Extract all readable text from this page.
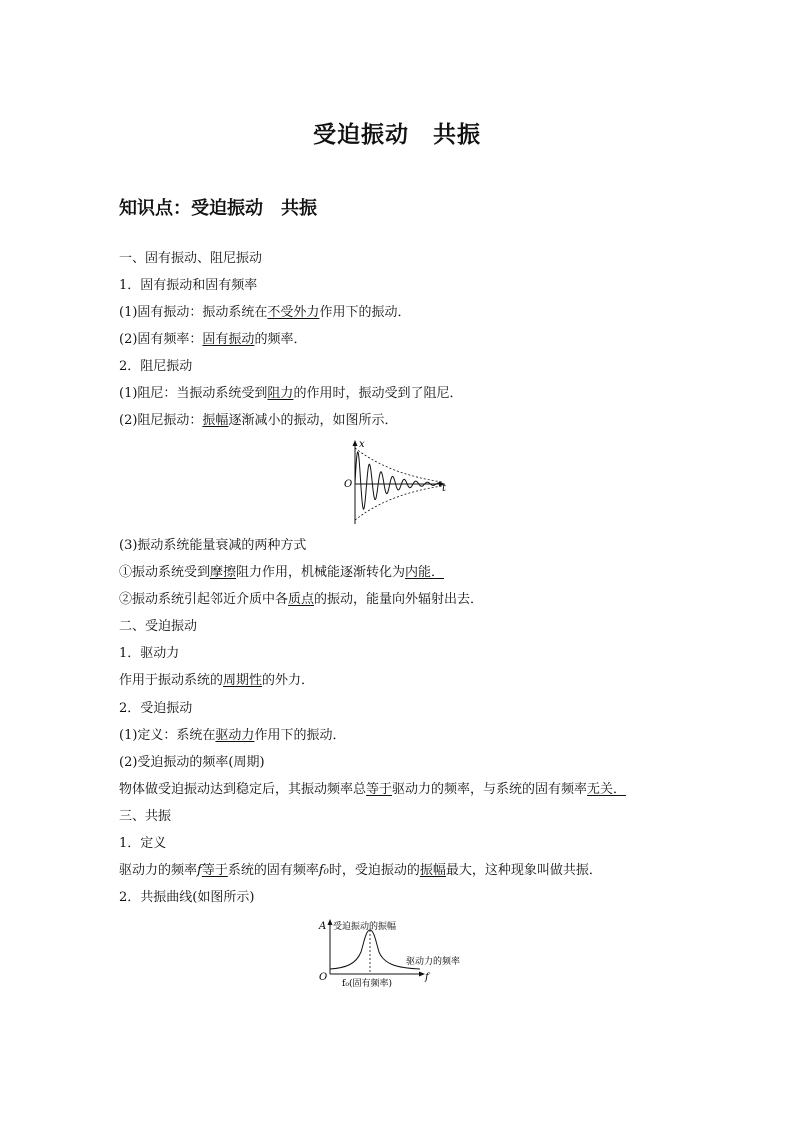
受迫振动　共振
知识点：受迫振动　共振
一、固有振动、阻尼振动
1．固有振动和固有频率
(1)固有振动：振动系统在不受外力作用下的振动．
(2)固有频率：固有振动的频率．
2．阻尼振动
(1)阻尼：当振动系统受到阻力的作用时，振动受到了阻尼．
(2)阻尼振动：振幅逐渐减小的振动，如图所示．
x
O	t
(3)振动系统能量衰减的两种方式
①振动系统受到摩擦阻力作用，机械能逐渐转化为内能．
②振动系统引起邻近介质中各质点的振动，能量向外辐射出去．
二、受迫振动
1．驱动力
作用于振动系统的周期性的外力．
2．受迫振动
(1)定义：系统在驱动力作用下的振动．
(2)受迫振动的频率(周期)
物体做受迫振动达到稳定后，其振动频率总等于驱动力的频率，与系统的固有频率无关．
三、共振
1．定义
驱动力的频率f等于系统的固有频率f₀时，受迫振动的振幅最大，这种现象叫做共振．
2．共振曲线(如图所示)
A 受迫振动的振幅
驱动力的频率
O	f
f₀(固有频率)
